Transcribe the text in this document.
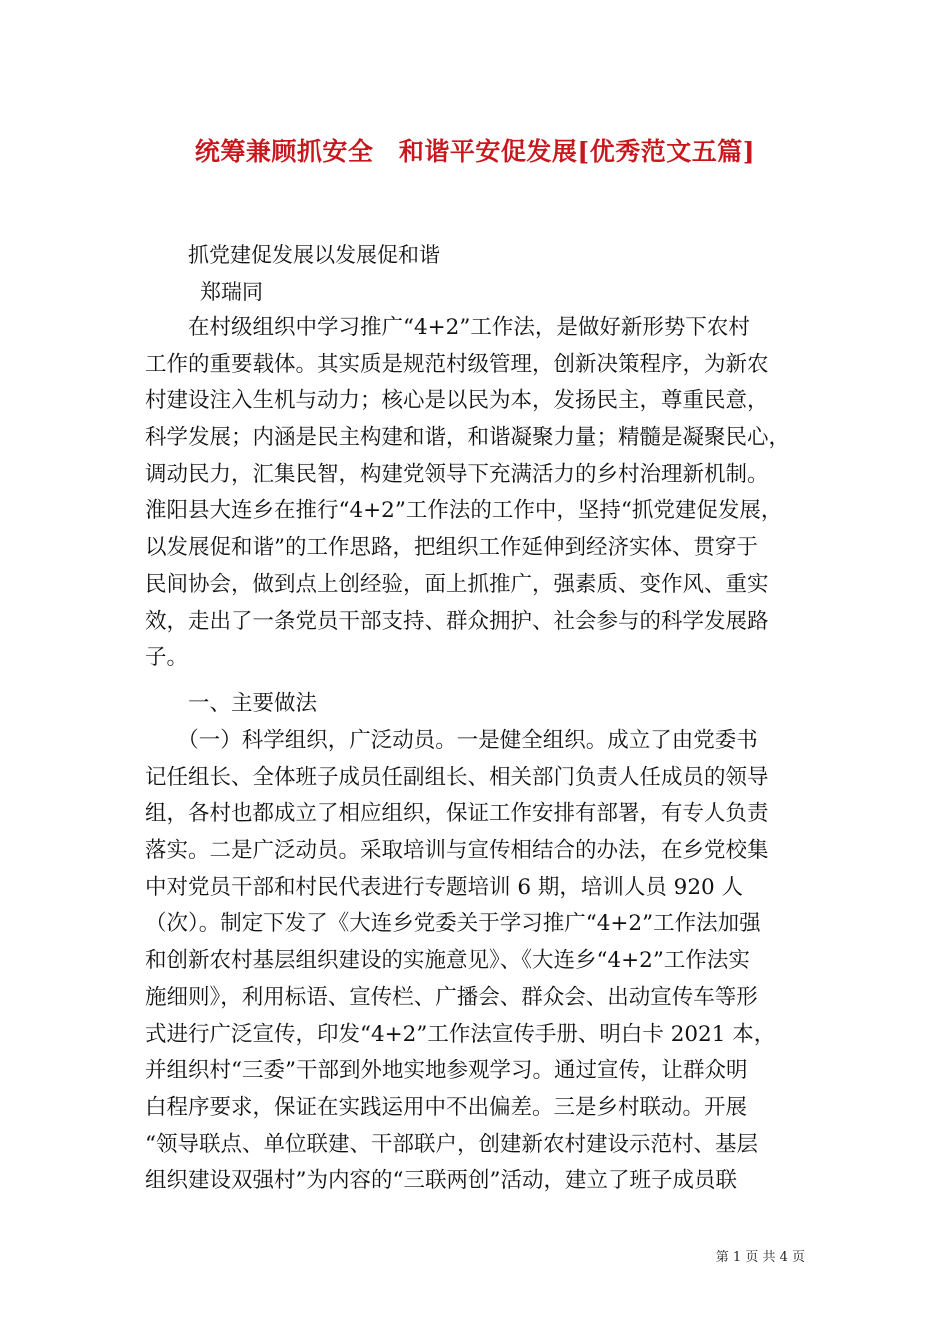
统筹兼顾抓安全　和谐平安促发展[优秀范文五篇]
抓党建促发展以发展促和谐
郑瑞同
　　在村级组织中学习推广“4+2”工作法，是做好新形势下农村
工作的重要载体。其实质是规范村级管理，创新决策程序，为新农
村建设注入生机与动力；核心是以民为本，发扬民主，尊重民意，
科学发展；内涵是民主构建和谐，和谐凝聚力量；精髓是凝聚民心，
调动民力，汇集民智，构建党领导下充满活力的乡村治理新机制。
淮阳县大连乡在推行“4+2”工作法的工作中，坚持“抓党建促发展，
以发展促和谐”的工作思路，把组织工作延伸到经济实体、贯穿于
民间协会，做到点上创经验，面上抓推广，强素质、变作风、重实
效，走出了一条党员干部支持、群众拥护、社会参与的科学发展路
子。
　　一、主要做法
　　（一）科学组织，广泛动员。一是健全组织。成立了由党委书
记任组长、全体班子成员任副组长、相关部门负责人任成员的领导
组，各村也都成立了相应组织，保证工作安排有部署，有专人负责
落实。二是广泛动员。采取培训与宣传相结合的办法，在乡党校集
中对党员干部和村民代表进行专题培训 6 期，培训人员 920 人
（次）。制定下发了《大连乡党委关于学习推广“4+2”工作法加强
和创新农村基层组织建设的实施意见》、《大连乡“4+2”工作法实
施细则》，利用标语、宣传栏、广播会、群众会、出动宣传车等形
式进行广泛宣传，印发“4+2”工作法宣传手册、明白卡 2021 本，
并组织村“三委”干部到外地实地参观学习。通过宣传，让群众明
白程序要求，保证在实践运用中不出偏差。三是乡村联动。开展
“领导联点、单位联建、干部联户，创建新农村建设示范村、基层
组织建设双强村”为内容的“三联两创”活动，建立了班子成员联
第 1 页 共 4 页
